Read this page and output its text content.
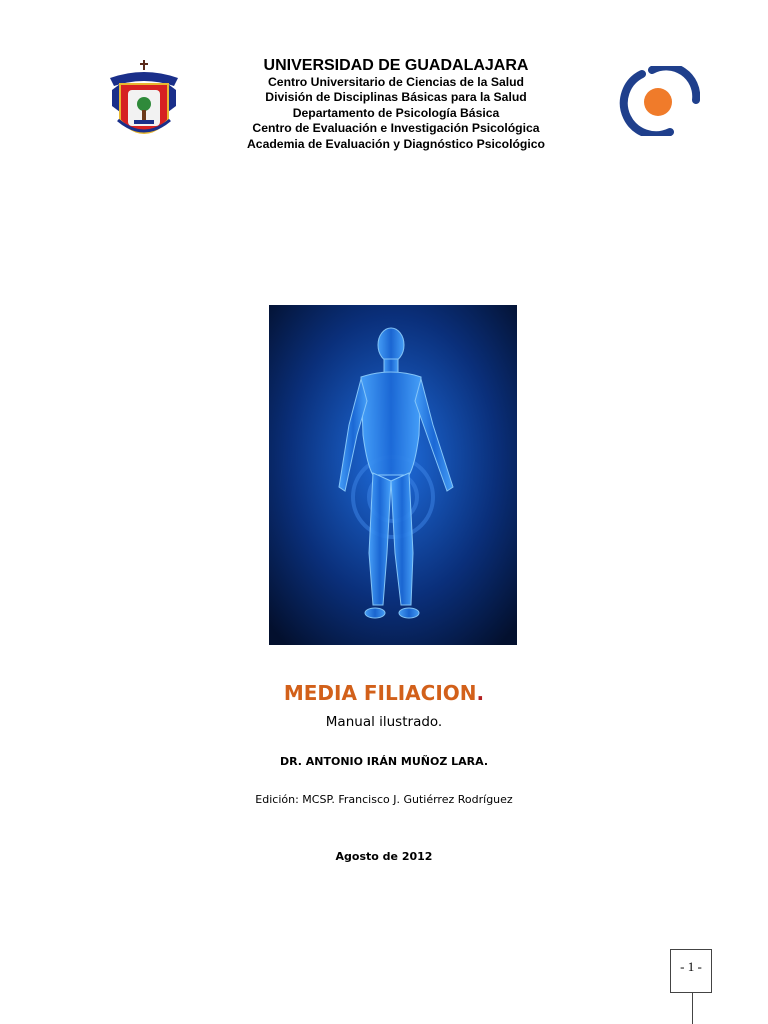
UNIVERSIDAD DE GUADALAJARA
Centro Universitario de Ciencias de la Salud
División de Disciplinas Básicas para la Salud
Departamento de Psicología Básica
Centro de Evaluación e Investigación Psicológica
Academia de Evaluación y Diagnóstico Psicológico
MEDIA FILIACION.
Manual ilustrado.
DR. ANTONIO IRÁN MUÑOZ LARA.
Edición: MCSP. Francisco J. Gutiérrez Rodríguez
Agosto de 2012
- 1 -
